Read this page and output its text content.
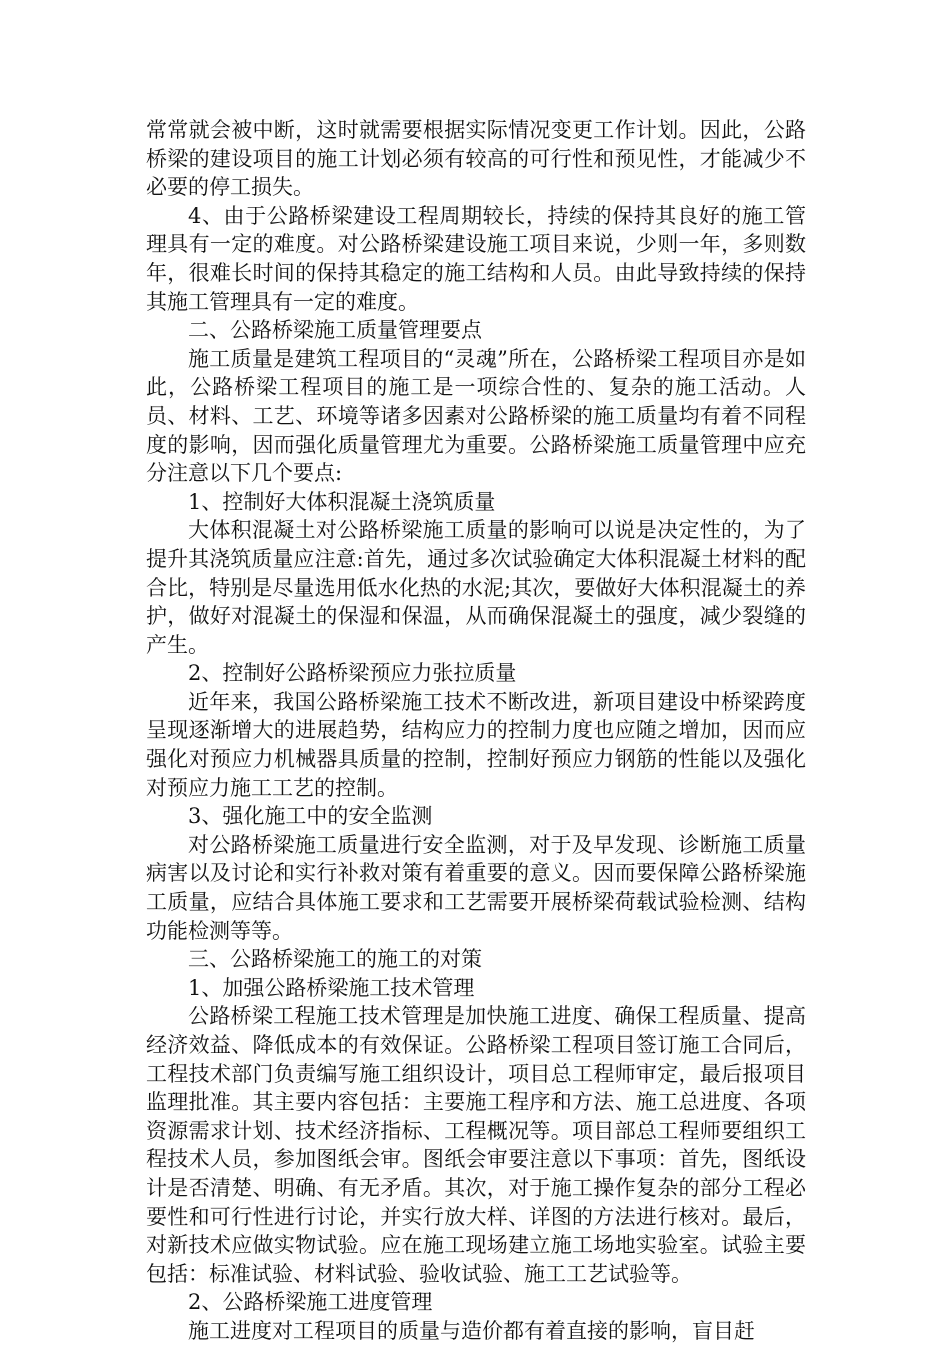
常常就会被中断，这时就需要根据实际情况变更工作计划。因此，公路桥梁的建设项目的施工计划必须有较高的可行性和预见性，才能减少不必要的停工损失。

4、由于公路桥梁建设工程周期较长，持续的保持其良好的施工管理具有一定的难度。对公路桥梁建设施工项目来说，少则一年，多则数年，很难长时间的保持其稳定的施工结构和人员。由此导致持续的保持其施工管理具有一定的难度。

二、公路桥梁施工质量管理要点

施工质量是建筑工程项目的“灵魂”所在，公路桥梁工程项目亦是如此，公路桥梁工程项目的施工是一项综合性的、复杂的施工活动。人员、材料、工艺、环境等诸多因素对公路桥梁的施工质量均有着不同程度的影响，因而强化质量管理尤为重要。公路桥梁施工质量管理中应充分注意以下几个要点:

1、控制好大体积混凝土浇筑质量

大体积混凝土对公路桥梁施工质量的影响可以说是决定性的，为了提升其浇筑质量应注意:首先，通过多次试验确定大体积混凝土材料的配合比，特别是尽量选用低水化热的水泥;其次，要做好大体积混凝土的养护，做好对混凝土的保湿和保温，从而确保混凝土的强度，减少裂缝的产生。

2、控制好公路桥梁预应力张拉质量

近年来，我国公路桥梁施工技术不断改进，新项目建设中桥梁跨度呈现逐渐增大的进展趋势，结构应力的控制力度也应随之增加，因而应强化对预应力机械器具质量的控制，控制好预应力钢筋的性能以及强化对预应力施工工艺的控制。

3、强化施工中的安全监测

对公路桥梁施工质量进行安全监测，对于及早发现、诊断施工质量病害以及讨论和实行补救对策有着重要的意义。因而要保障公路桥梁施工质量，应结合具体施工要求和工艺需要开展桥梁荷载试验检测、结构功能检测等等。

三、公路桥梁施工的施工的对策

1、加强公路桥梁施工技术管理

公路桥梁工程施工技术管理是加快施工进度、确保工程质量、提高经济效益、降低成本的有效保证。公路桥梁工程项目签订施工合同后，工程技术部门负责编写施工组织设计，项目总工程师审定，最后报项目监理批准。其主要内容包括：主要施工程序和方法、施工总进度、各项资源需求计划、技术经济指标、工程概况等。项目部总工程师要组织工程技术人员，参加图纸会审。图纸会审要注意以下事项：首先，图纸设计是否清楚、明确、有无矛盾。其次，对于施工操作复杂的部分工程必要性和可行性进行讨论，并实行放大样、详图的方法进行核对。最后，对新技术应做实物试验。应在施工现场建立施工场地实验室。试验主要包括：标准试验、材料试验、验收试验、施工工艺试验等。

2、公路桥梁施工进度管理

施工进度对工程项目的质量与造价都有着直接的影响，盲目赶
